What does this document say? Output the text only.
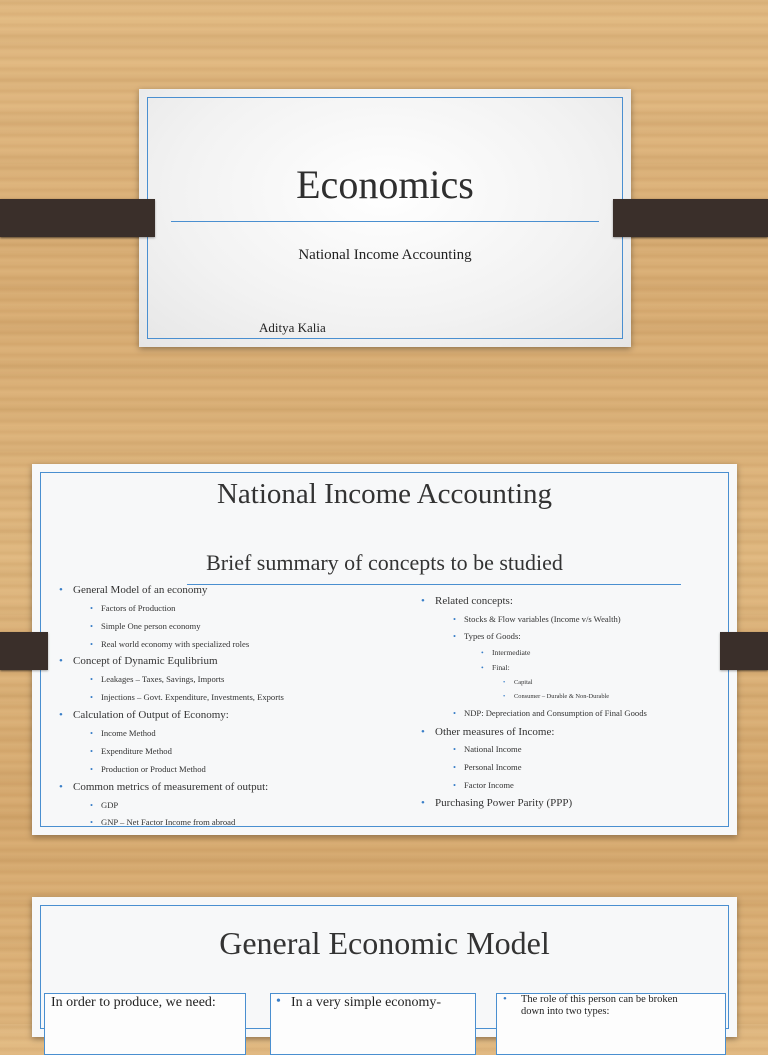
Economics
National Income Accounting
Aditya Kalia
National Income Accounting
Brief summary of concepts to be studied
• General Model of an economy
• Factors of Production
• Simple One person economy
• Real world economy with specialized roles
• Concept of Dynamic Equlibrium
• Leakages – Taxes, Savings, Imports
• Injections – Govt. Expenditure, Investments, Exports
• Calculation of Output of Economy:
• Income Method
• Expenditure Method
• Production or Product Method
• Common metrics of measurement of output:
• GDP
• GNP – Net Factor Income from abroad
• Related concepts:
• Stocks & Flow variables (Income v/s Wealth)
• Types of Goods:
• Intermediate
• Final:
• Capital
• Consumer – Durable & Non-Durable
• NDP: Depreciation and Consumption of Final Goods
• Other measures of Income:
• National Income
• Personal Income
• Factor Income
• Purchasing Power Parity (PPP)
General Economic Model
In order to produce, we need:	• In a very simple economy-	• The role of this person can be broken
down into two types:
